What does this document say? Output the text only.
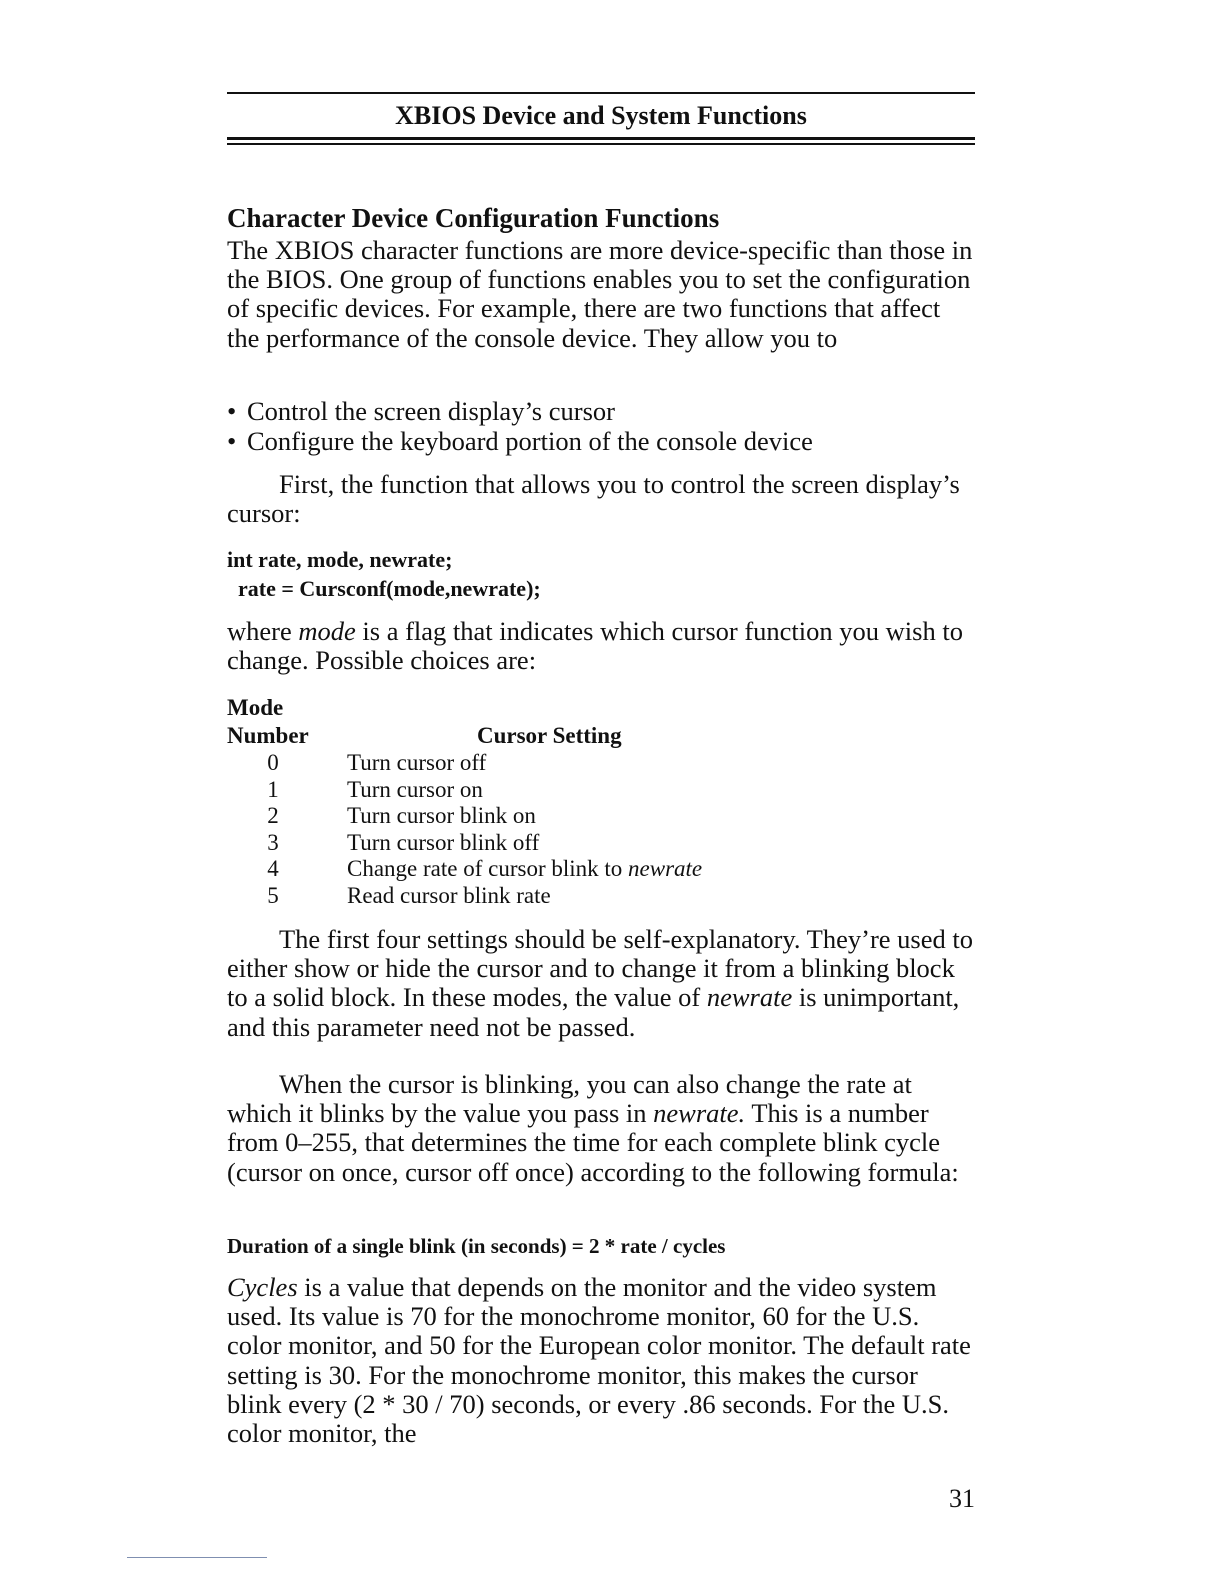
XBIOS Device and System Functions
Character Device Configuration Functions

The XBIOS character functions are more device-specific than those in the BIOS. One group of functions enables you to set the configuration of specific devices. For example, there are two functions that affect the performance of the console device. They allow you to

• Control the screen display’s cursor
• Configure the keyboard portion of the console device

First, the function that allows you to control the screen display’s cursor:

int rate, mode, newrate;
rate = Cursconf(mode,newrate);

where mode is a flag that indicates which cursor function you wish to change. Possible choices are:

Mode
Number	Cursor Setting
0	Turn cursor off
1	Turn cursor on
2	Turn cursor blink on
3	Turn cursor blink off
4	Change rate of cursor blink to newrate
5	Read cursor blink rate

The first four settings should be self-explanatory. They’re used to either show or hide the cursor and to change it from a blinking block to a solid block. In these modes, the value of newrate is unimportant, and this parameter need not be passed.

When the cursor is blinking, you can also change the rate at which it blinks by the value you pass in newrate. This is a number from 0–255, that determines the time for each complete blink cycle (cursor on once, cursor off once) according to the following formula:

Duration of a single blink (in seconds) = 2 * rate / cycles

Cycles is a value that depends on the monitor and the video system used. Its value is 70 for the monochrome monitor, 60 for the U.S. color monitor, and 50 for the European color monitor. The default rate setting is 30. For the monochrome monitor, this makes the cursor blink every (2 * 30 / 70) seconds, or every .86 seconds. For the U.S. color monitor, the

31
